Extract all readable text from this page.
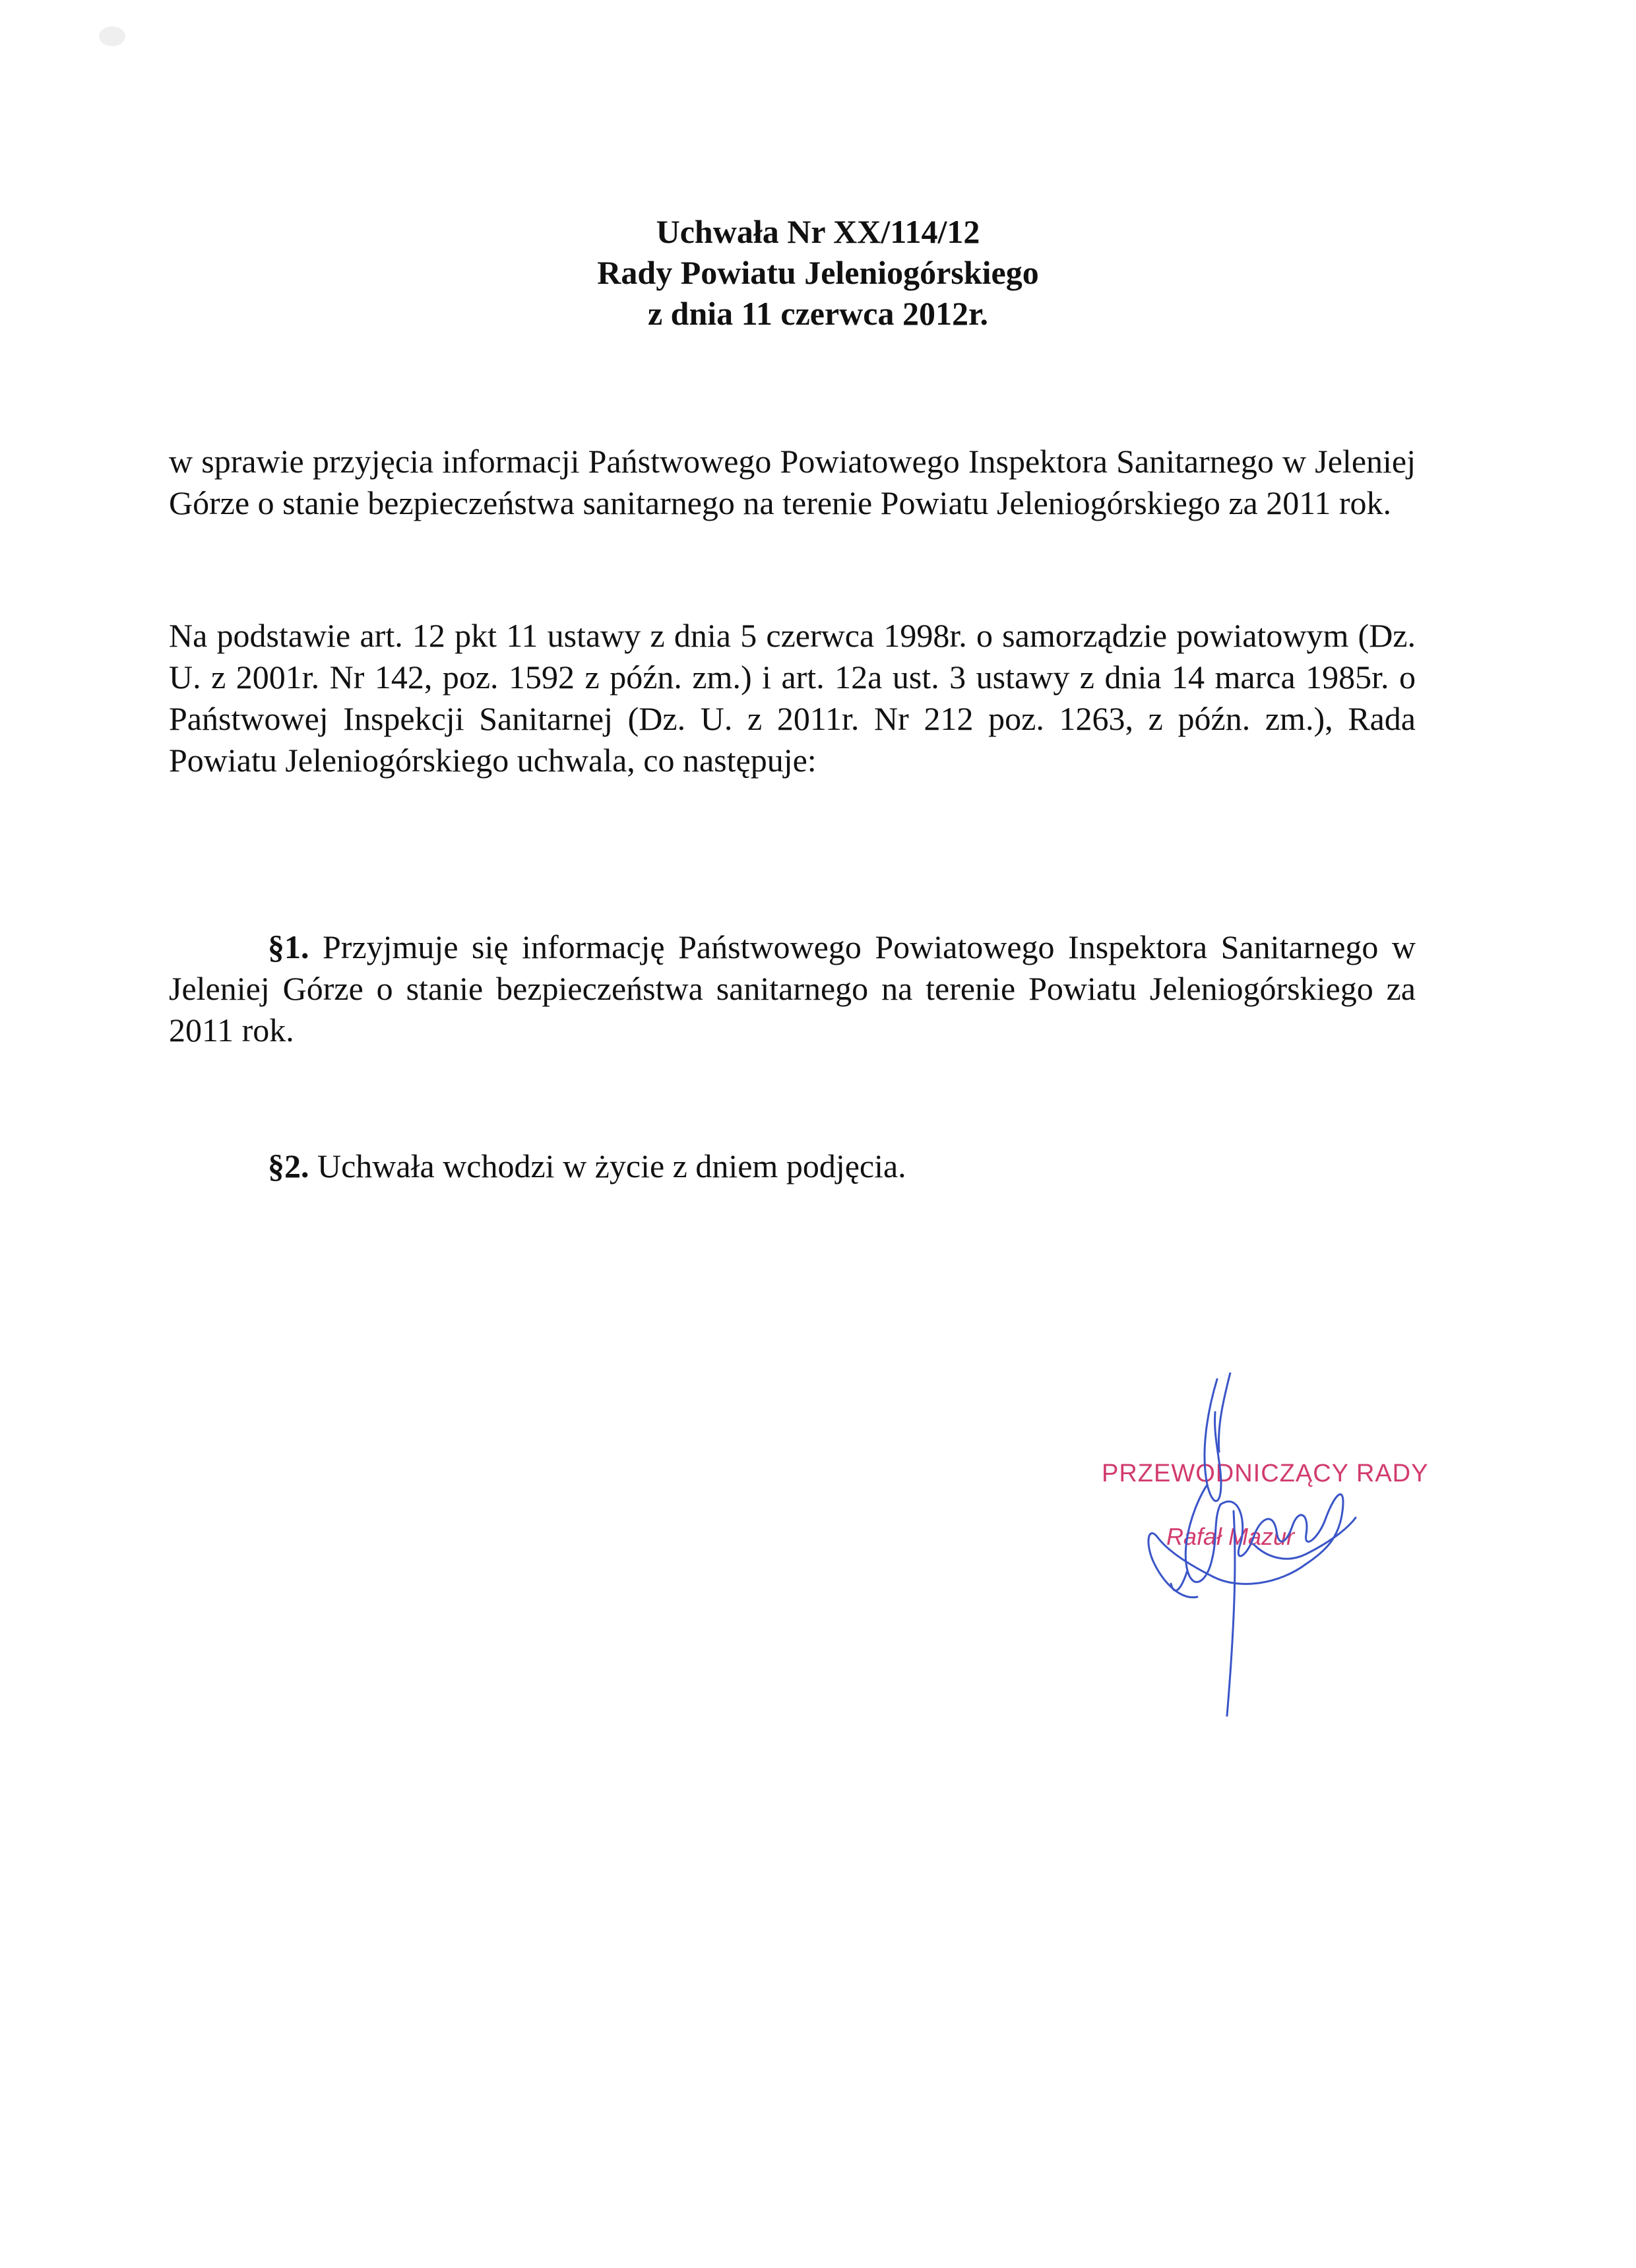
Uchwała Nr XX/114/12
Rady Powiatu Jeleniogórskiego
z dnia 11 czerwca 2012r.
w sprawie przyjęcia informacji Państwowego Powiatowego Inspektora Sanitarnego w Jeleniej Górze o stanie bezpieczeństwa sanitarnego na terenie Powiatu Jeleniogórskiego za 2011 rok.
Na podstawie art. 12 pkt 11 ustawy z dnia 5 czerwca 1998r. o samorządzie powiatowym (Dz. U. z 2001r. Nr 142, poz. 1592 z późn. zm.) i art. 12a ust. 3 ustawy z dnia 14 marca 1985r. o Państwowej Inspekcji Sanitarnej (Dz. U. z 2011r. Nr 212 poz. 1263, z późn. zm.), Rada Powiatu Jeleniogórskiego uchwala, co następuje:
§1. Przyjmuje się informację Państwowego Powiatowego Inspektora Sanitarnego w Jeleniej Górze o stanie bezpieczeństwa sanitarnego na terenie Powiatu Jeleniogórskiego za 2011 rok.
§2. Uchwała wchodzi w życie z dniem podjęcia.
PRZEWODNICZĄCY RADY
Rafał Mazur
